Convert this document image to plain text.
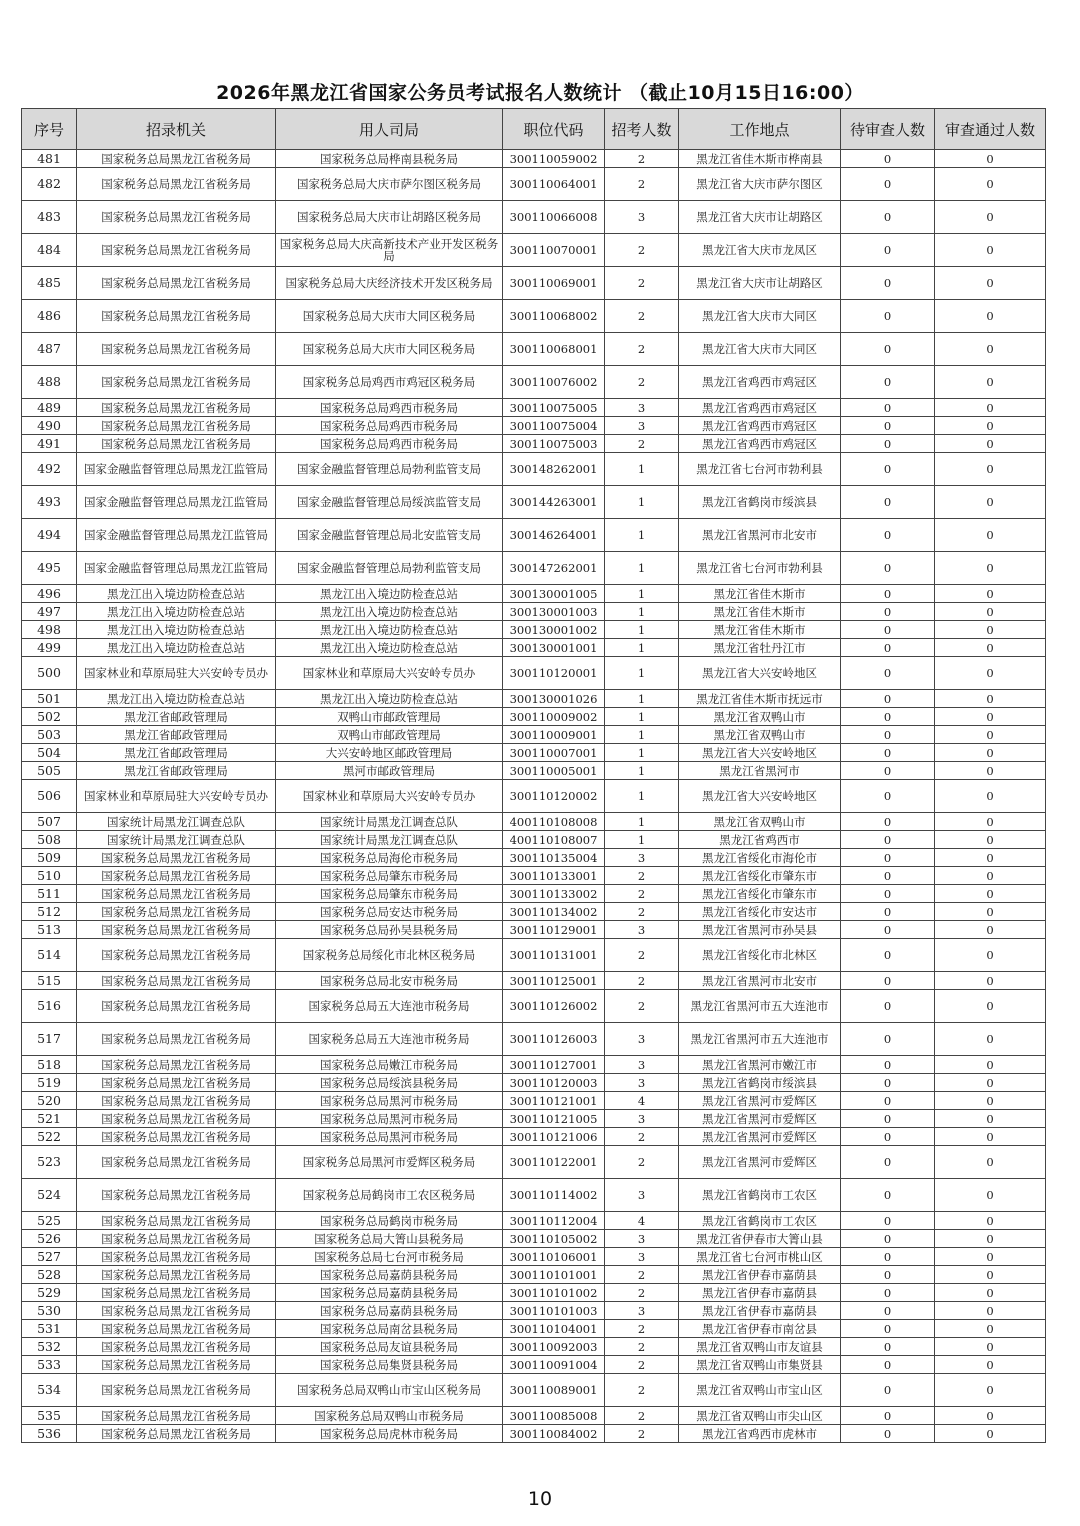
2026年黑龙江省国家公务员考试报名人数统计 （截止10月15日16:00）
序号	招录机关	用人司局	职位代码	招考人数	工作地点	待审查人数	审查通过人数
481	国家税务总局黑龙江省税务局	国家税务总局桦南县税务局	300110059002	2	黑龙江省佳木斯市桦南县	0	0
482	国家税务总局黑龙江省税务局	国家税务总局大庆市萨尔图区税务局	300110064001	2	黑龙江省大庆市萨尔图区	0	0
483	国家税务总局黑龙江省税务局	国家税务总局大庆市让胡路区税务局	300110066008	3	黑龙江省大庆市让胡路区	0	0
484	国家税务总局黑龙江省税务局	国家税务总局大庆高新技术产业开发区税务局	300110070001	2	黑龙江省大庆市龙凤区	0	0
485	国家税务总局黑龙江省税务局	国家税务总局大庆经济技术开发区税务局	300110069001	2	黑龙江省大庆市让胡路区	0	0
486	国家税务总局黑龙江省税务局	国家税务总局大庆市大同区税务局	300110068002	2	黑龙江省大庆市大同区	0	0
487	国家税务总局黑龙江省税务局	国家税务总局大庆市大同区税务局	300110068001	2	黑龙江省大庆市大同区	0	0
488	国家税务总局黑龙江省税务局	国家税务总局鸡西市鸡冠区税务局	300110076002	2	黑龙江省鸡西市鸡冠区	0	0
489	国家税务总局黑龙江省税务局	国家税务总局鸡西市税务局	300110075005	3	黑龙江省鸡西市鸡冠区	0	0
490	国家税务总局黑龙江省税务局	国家税务总局鸡西市税务局	300110075004	3	黑龙江省鸡西市鸡冠区	0	0
491	国家税务总局黑龙江省税务局	国家税务总局鸡西市税务局	300110075003	2	黑龙江省鸡西市鸡冠区	0	0
492	国家金融监督管理总局黑龙江监管局	国家金融监督管理总局勃利监管支局	300148262001	1	黑龙江省七台河市勃利县	0	0
493	国家金融监督管理总局黑龙江监管局	国家金融监督管理总局绥滨监管支局	300144263001	1	黑龙江省鹤岗市绥滨县	0	0
494	国家金融监督管理总局黑龙江监管局	国家金融监督管理总局北安监管支局	300146264001	1	黑龙江省黑河市北安市	0	0
495	国家金融监督管理总局黑龙江监管局	国家金融监督管理总局勃利监管支局	300147262001	1	黑龙江省七台河市勃利县	0	0
496	黑龙江出入境边防检查总站	黑龙江出入境边防检查总站	300130001005	1	黑龙江省佳木斯市	0	0
497	黑龙江出入境边防检查总站	黑龙江出入境边防检查总站	300130001003	1	黑龙江省佳木斯市	0	0
498	黑龙江出入境边防检查总站	黑龙江出入境边防检查总站	300130001002	1	黑龙江省佳木斯市	0	0
499	黑龙江出入境边防检查总站	黑龙江出入境边防检查总站	300130001001	1	黑龙江省牡丹江市	0	0
500	国家林业和草原局驻大兴安岭专员办	国家林业和草原局大兴安岭专员办	300110120001	1	黑龙江省大兴安岭地区	0	0
501	黑龙江出入境边防检查总站	黑龙江出入境边防检查总站	300130001026	1	黑龙江省佳木斯市抚远市	0	0
502	黑龙江省邮政管理局	双鸭山市邮政管理局	300110009002	1	黑龙江省双鸭山市	0	0
503	黑龙江省邮政管理局	双鸭山市邮政管理局	300110009001	1	黑龙江省双鸭山市	0	0
504	黑龙江省邮政管理局	大兴安岭地区邮政管理局	300110007001	1	黑龙江省大兴安岭地区	0	0
505	黑龙江省邮政管理局	黑河市邮政管理局	300110005001	1	黑龙江省黑河市	0	0
506	国家林业和草原局驻大兴安岭专员办	国家林业和草原局大兴安岭专员办	300110120002	1	黑龙江省大兴安岭地区	0	0
507	国家统计局黑龙江调查总队	国家统计局黑龙江调查总队	400110108008	1	黑龙江省双鸭山市	0	0
508	国家统计局黑龙江调查总队	国家统计局黑龙江调查总队	400110108007	1	黑龙江省鸡西市	0	0
509	国家税务总局黑龙江省税务局	国家税务总局海伦市税务局	300110135004	3	黑龙江省绥化市海伦市	0	0
510	国家税务总局黑龙江省税务局	国家税务总局肇东市税务局	300110133001	2	黑龙江省绥化市肇东市	0	0
511	国家税务总局黑龙江省税务局	国家税务总局肇东市税务局	300110133002	2	黑龙江省绥化市肇东市	0	0
512	国家税务总局黑龙江省税务局	国家税务总局安达市税务局	300110134002	2	黑龙江省绥化市安达市	0	0
513	国家税务总局黑龙江省税务局	国家税务总局孙吴县税务局	300110129001	3	黑龙江省黑河市孙吴县	0	0
514	国家税务总局黑龙江省税务局	国家税务总局绥化市北林区税务局	300110131001	2	黑龙江省绥化市北林区	0	0
515	国家税务总局黑龙江省税务局	国家税务总局北安市税务局	300110125001	2	黑龙江省黑河市北安市	0	0
516	国家税务总局黑龙江省税务局	国家税务总局五大连池市税务局	300110126002	2	黑龙江省黑河市五大连池市	0	0
517	国家税务总局黑龙江省税务局	国家税务总局五大连池市税务局	300110126003	3	黑龙江省黑河市五大连池市	0	0
518	国家税务总局黑龙江省税务局	国家税务总局嫩江市税务局	300110127001	3	黑龙江省黑河市嫩江市	0	0
519	国家税务总局黑龙江省税务局	国家税务总局绥滨县税务局	300110120003	3	黑龙江省鹤岗市绥滨县	0	0
520	国家税务总局黑龙江省税务局	国家税务总局黑河市税务局	300110121001	4	黑龙江省黑河市爱辉区	0	0
521	国家税务总局黑龙江省税务局	国家税务总局黑河市税务局	300110121005	3	黑龙江省黑河市爱辉区	0	0
522	国家税务总局黑龙江省税务局	国家税务总局黑河市税务局	300110121006	2	黑龙江省黑河市爱辉区	0	0
523	国家税务总局黑龙江省税务局	国家税务总局黑河市爱辉区税务局	300110122001	2	黑龙江省黑河市爱辉区	0	0
524	国家税务总局黑龙江省税务局	国家税务总局鹤岗市工农区税务局	300110114002	3	黑龙江省鹤岗市工农区	0	0
525	国家税务总局黑龙江省税务局	国家税务总局鹤岗市税务局	300110112004	4	黑龙江省鹤岗市工农区	0	0
526	国家税务总局黑龙江省税务局	国家税务总局大箐山县税务局	300110105002	3	黑龙江省伊春市大箐山县	0	0
527	国家税务总局黑龙江省税务局	国家税务总局七台河市税务局	300110106001	3	黑龙江省七台河市桃山区	0	0
528	国家税务总局黑龙江省税务局	国家税务总局嘉荫县税务局	300110101001	2	黑龙江省伊春市嘉荫县	0	0
529	国家税务总局黑龙江省税务局	国家税务总局嘉荫县税务局	300110101002	2	黑龙江省伊春市嘉荫县	0	0
530	国家税务总局黑龙江省税务局	国家税务总局嘉荫县税务局	300110101003	3	黑龙江省伊春市嘉荫县	0	0
531	国家税务总局黑龙江省税务局	国家税务总局南岔县税务局	300110104001	2	黑龙江省伊春市南岔县	0	0
532	国家税务总局黑龙江省税务局	国家税务总局友谊县税务局	300110092003	2	黑龙江省双鸭山市友谊县	0	0
533	国家税务总局黑龙江省税务局	国家税务总局集贤县税务局	300110091004	2	黑龙江省双鸭山市集贤县	0	0
534	国家税务总局黑龙江省税务局	国家税务总局双鸭山市宝山区税务局	300110089001	2	黑龙江省双鸭山市宝山区	0	0
535	国家税务总局黑龙江省税务局	国家税务总局双鸭山市税务局	300110085008	2	黑龙江省双鸭山市尖山区	0	0
536	国家税务总局黑龙江省税务局	国家税务总局虎林市税务局	300110084002	2	黑龙江省鸡西市虎林市	0	0
10
